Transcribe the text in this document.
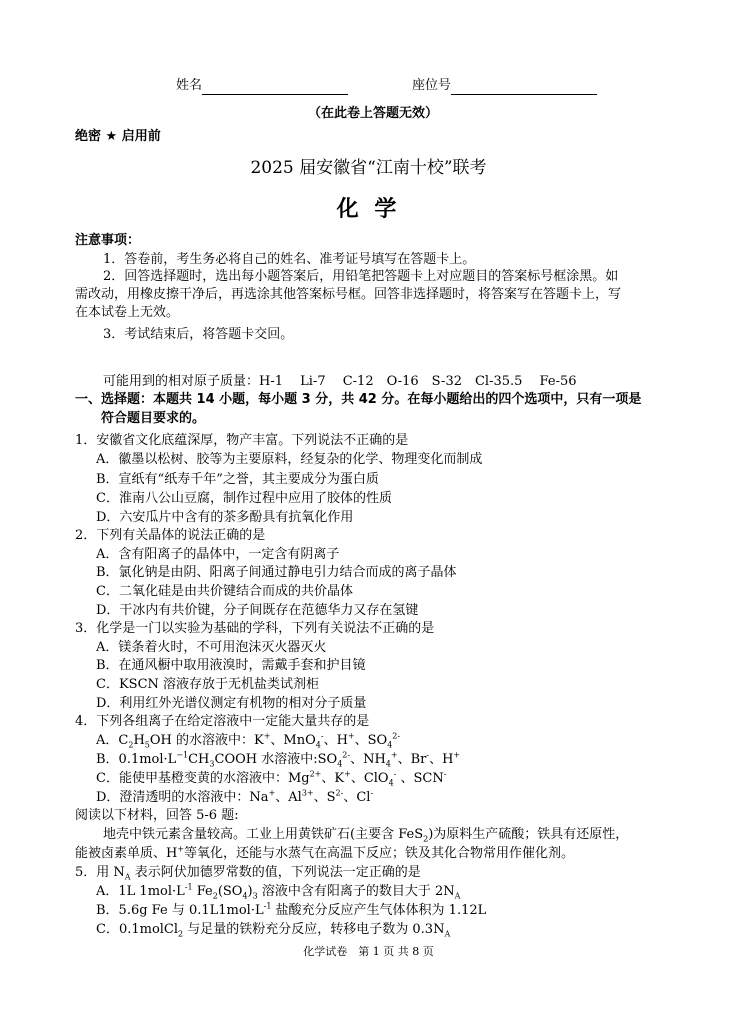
姓名	座位号
（在此卷上答题无效）
绝密 ★ 启用前
2025 届安徽省“江南十校”联考
化 学
注意事项：
1．答卷前，考生务必将自己的姓名、准考证号填写在答题卡上。
2．回答选择题时，选出每小题答案后，用铅笔把答题卡上对应题目的答案标号框涂黑。如
需改动，用橡皮擦干净后，再选涂其他答案标号框。回答非选择题时，将答案写在答题卡上，写
在本试卷上无效。
3．考试结束后，将答题卡交回。
可能用到的相对原子质量：H-1　 Li-7　 C-12　O-16　S-32　Cl-35.5　 Fe-56
一、选择题：本题共 14 小题，每小题 3 分，共 42 分。在每小题给出的四个选项中，只有一项是
符合题目要求的。
1．安徽省文化底蕴深厚，物产丰富。下列说法不正确的是
A．徽墨以松树、胶等为主要原料，经复杂的化学、物理变化而制成
B．宣纸有“纸寿千年”之誉，其主要成分为蛋白质
C．淮南八公山豆腐，制作过程中应用了胶体的性质
D．六安瓜片中含有的茶多酚具有抗氧化作用
2．下列有关晶体的说法正确的是
A．含有阳离子的晶体中，一定含有阴离子
B．氯化钠是由阴、阳离子间通过静电引力结合而成的离子晶体
C．二氧化硅是由共价键结合而成的共价晶体
D．干冰内有共价键，分子间既存在范德华力又存在氢键
3．化学是一门以实验为基础的学科，下列有关说法不正确的是
A．镁条着火时，不可用泡沫灭火器灭火
B．在通风橱中取用液溴时，需戴手套和护目镜
C．KSCN 溶液存放于无机盐类试剂柜
D．利用红外光谱仪测定有机物的相对分子质量
4．下列各组离子在给定溶液中一定能大量共存的是
A．$C_2H_5OH$ 的水溶液中：K+、MnO$_4$-、H+、$SO_4^{2-}$
B．$0.1mol\cdot L^{-1}CH_3COOH$ 水溶液中$:SO_4^{2-}$、$NH_4^+$、Br-、H+
C．能使甲基橙变黄的水溶液中：$Mg^{2+}$、K+、ClO$_4$- 、SCN-
D．澄清透明的水溶液中：Na+、$Al^{3+}$、$S^{2-}$、Cl-
阅读以下材料，回答 5-6 题:
地壳中铁元素含量较高。工业上用黄铁矿石(主要含 FeS$_2$)为原料生产硫酸；铁具有还原性，
能被卤素单质、H+等氧化，还能与水蒸气在高温下反应；铁及其化合物常用作催化剂。
5．用 $N_A$ 表示阿伏加德罗常数的值，下列说法一定正确的是
A．1L $1mol\cdot L^{-1}$ $Fe_2(SO_4)_3$ 溶液中含有阳离子的数目大于 $2N_A$
B．5.6g Fe 与 $0.1L1mol\cdot L^{-1}$ 盐酸充分反应产生气体体积为 1.12L
C．0.1molCl$_2$ 与足量的铁粉充分反应，转移电子数为 $0.3N_A$
化学试卷　第 1 页 共 8 页
